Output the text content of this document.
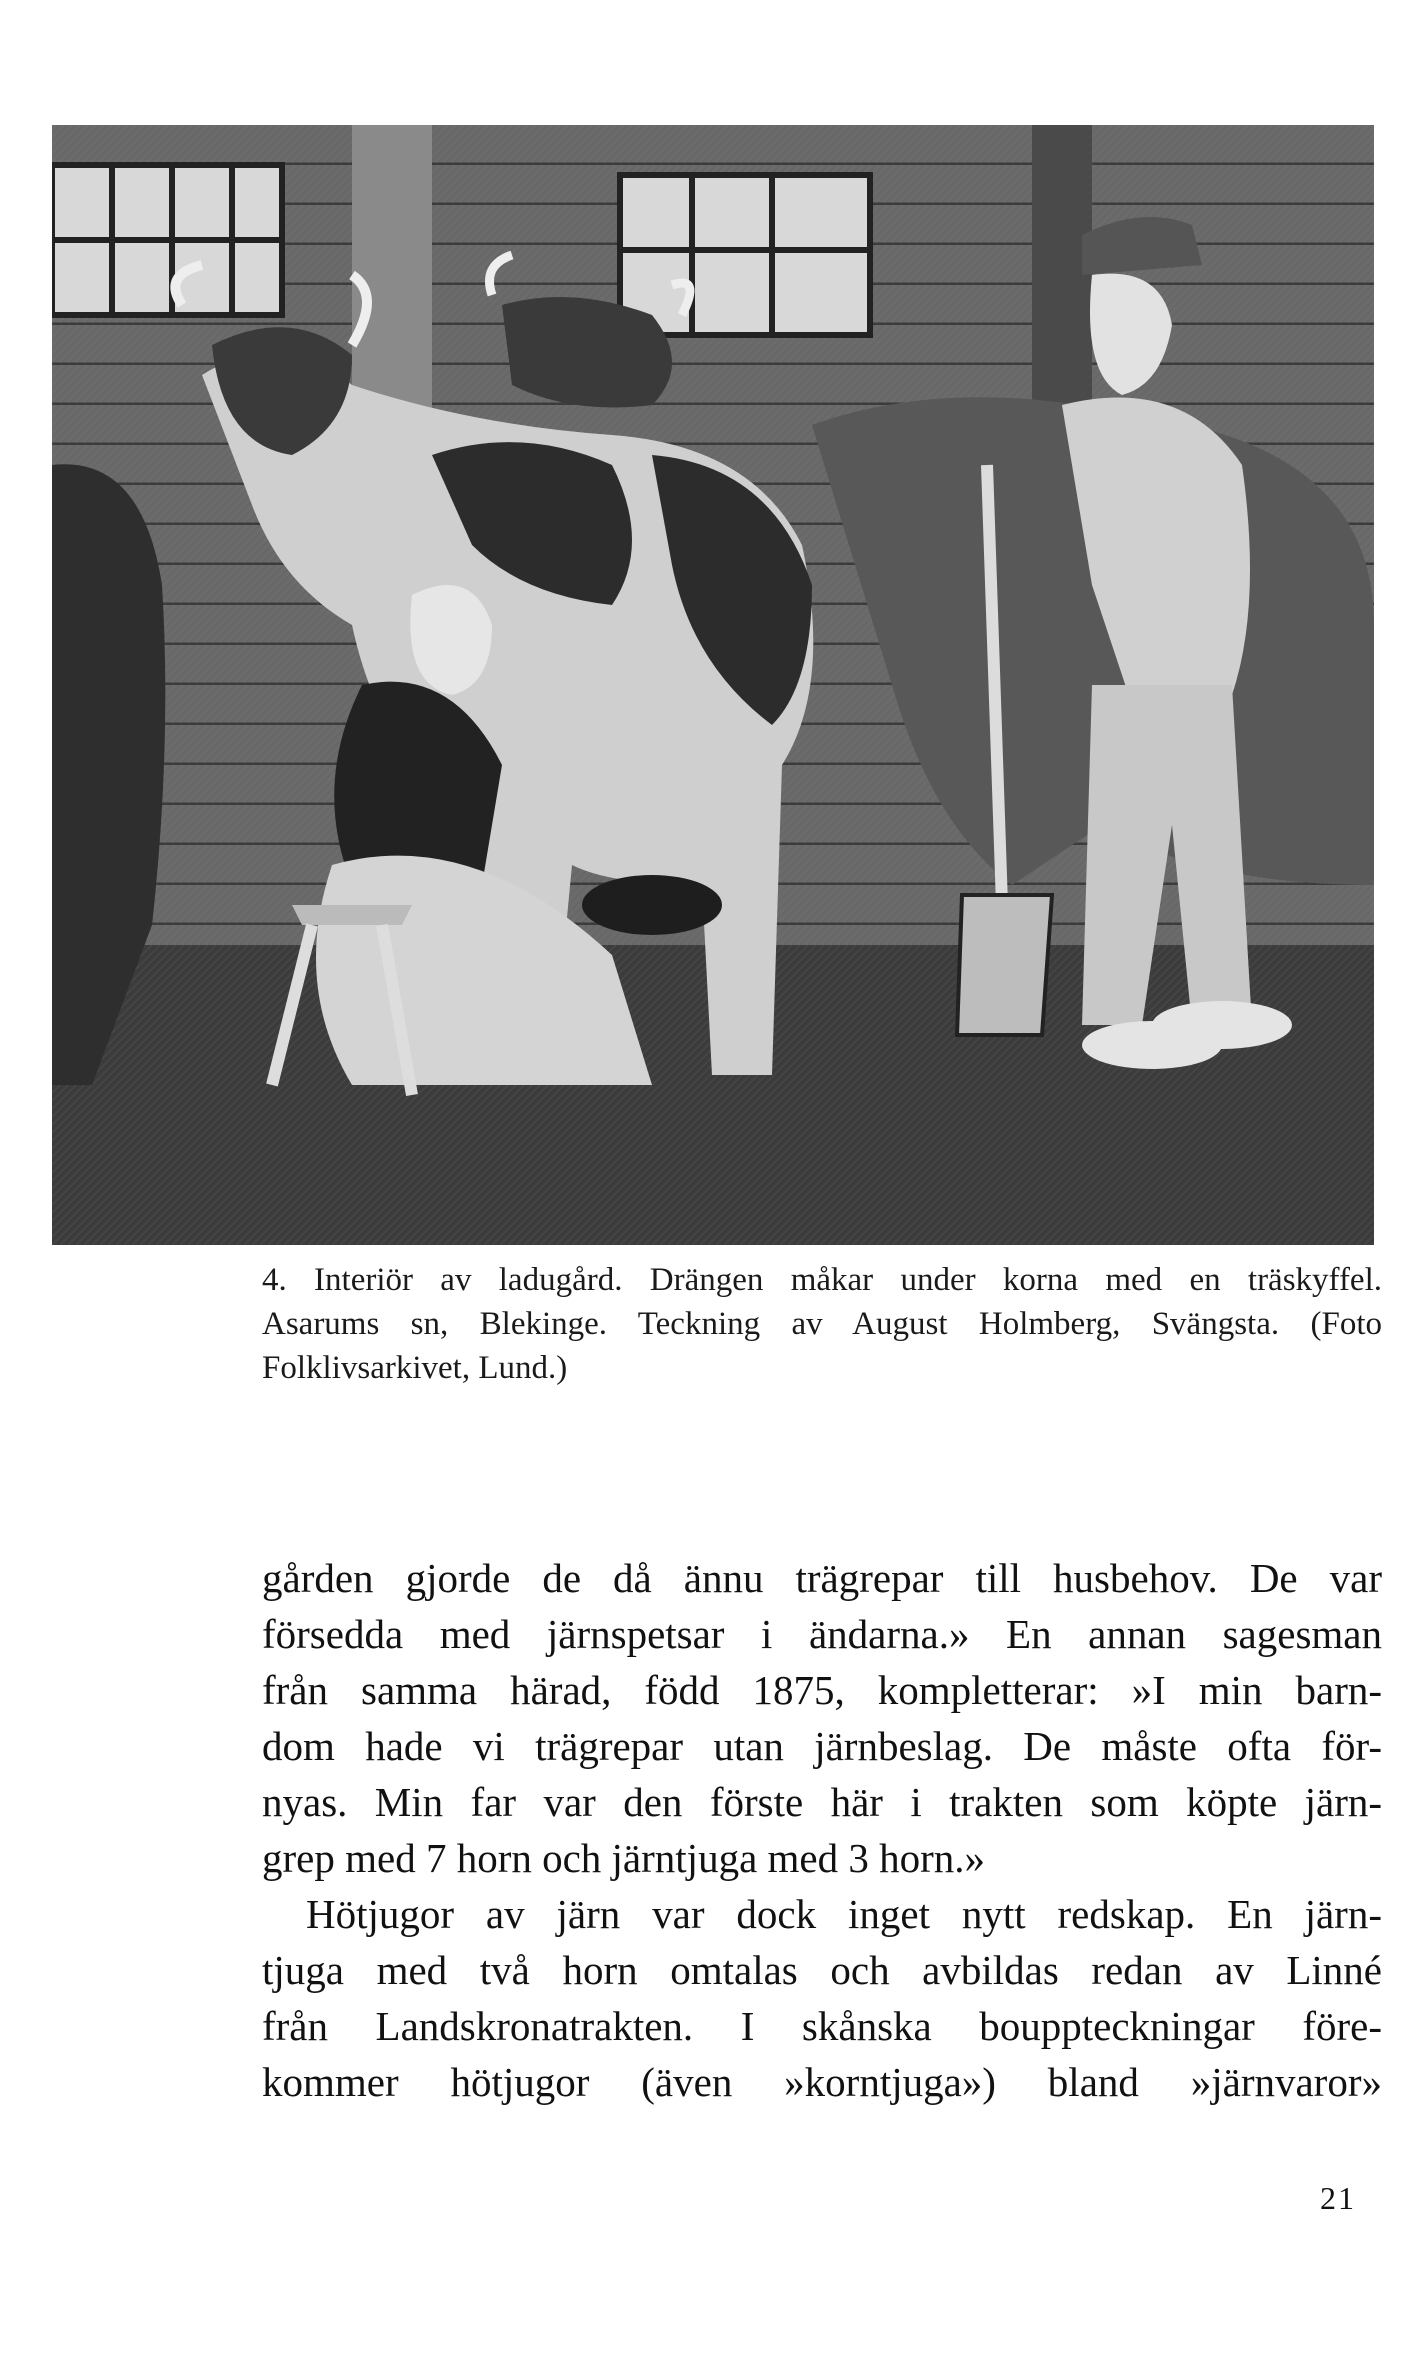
4. Interiör av ladugård. Drängen måkar under korna med en träskyffel.
Asarums sn, Blekinge. Teckning av August Holmberg, Svängsta. (Foto
Folklivsarkivet, Lund.)
gården gjorde de då ännu trägrepar till husbehov. De var
försedda med järnspetsar i ändarna.» En annan sagesman
från samma härad, född 1875, kompletterar: »I min barn-
dom hade vi trägrepar utan järnbeslag. De måste ofta för-
nyas. Min far var den förste här i trakten som köpte järn-
grep med 7 horn och järntjuga med 3 horn.»
Hötjugor av järn var dock inget nytt redskap. En järn-
tjuga med två horn omtalas och avbildas redan av Linné
från Landskronatrakten. I skånska bouppteckningar före-
kommer hötjugor (även »korntjuga») bland »järnvaror»
21
